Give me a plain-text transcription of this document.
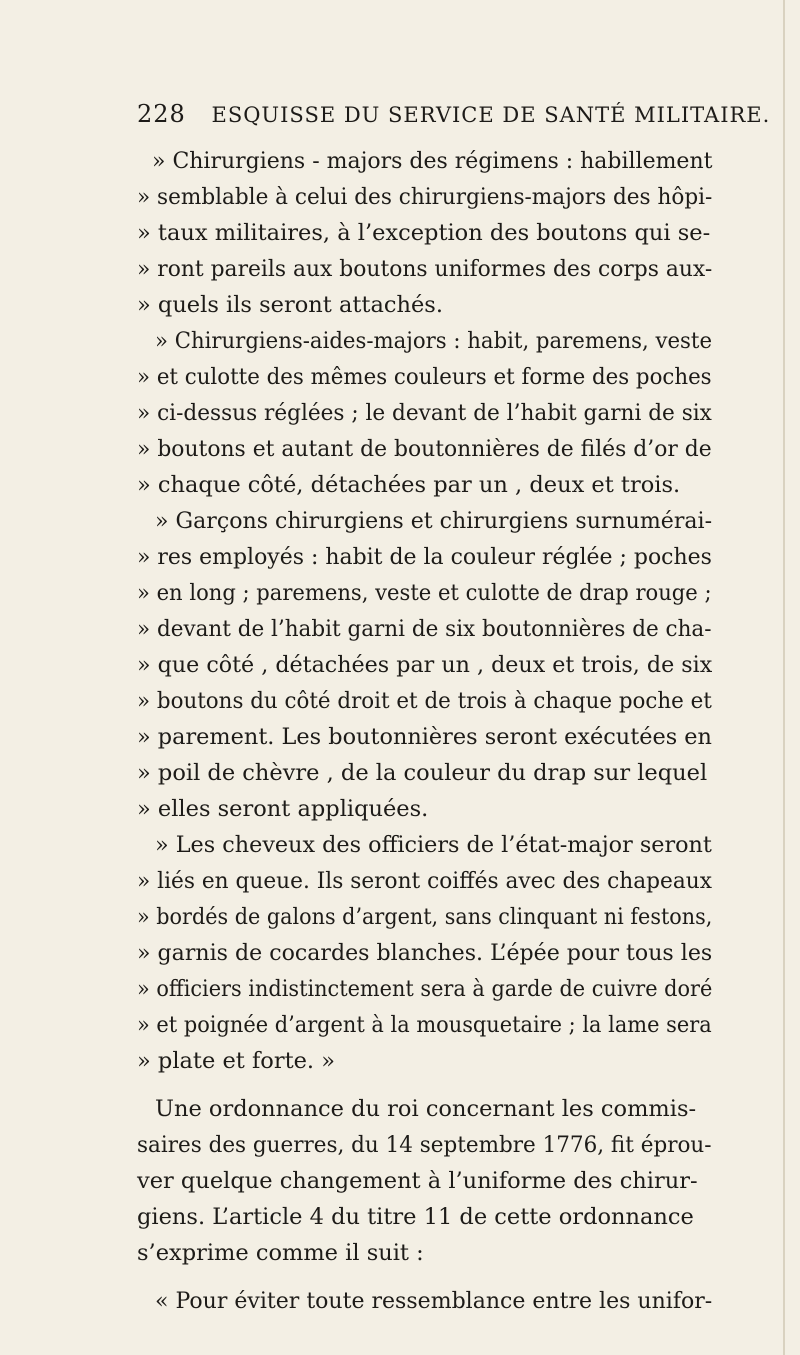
228 ESQUISSE DU SERVICE DE SANTÉ MILITAIRE.
» Chirurgiens - majors des régimens : habillement
» semblable à celui des chirurgiens-majors des hôpi-
» taux militaires, à l’exception des boutons qui se-
» ront pareils aux boutons uniformes des corps aux-
» quels ils seront attachés.
» Chirurgiens-aides-majors : habit, paremens, veste
» et culotte des mêmes couleurs et forme des poches
» ci-dessus réglées ; le devant de l’habit garni de six
» boutons et autant de boutonnières de filés d’or de
» chaque côté, détachées par un , deux et trois.
» Garçons chirurgiens et chirurgiens surnuméraі-
» res employés : habit de la couleur réglée ; poches
» en long ; paremens, veste et culotte de drap rouge ;
» devant de l’habit garni de six boutonnières de cha-
» que côté , détachées par un , deux et trois, de six
» boutons du côté droit et de trois à chaque poche et
» parement. Les boutonnières seront exécutées en
» poil de chèvre , de la couleur du drap sur lequel
» elles seront appliquées.
» Les cheveux des officiers de l’état-major seront
» liés en queue. Ils seront coiffés avec des chapeaux
» bordés de galons d’argent, sans clinquant ni festons,
» garnis de cocardes blanches. L’épée pour tous les
» officiers indistinctement sera à garde de cuivre doré
» et poignée d’argent à la mousquetaire ; la lame sera
» plate et forte. »
Une ordonnance du roi concernant les commis-
saires des guerres, du 14 septembre 1776, fit éprou-
ver quelque changement à l’uniforme des chirur-
giens. L’article 4 du titre 11 de cette ordonnance
s’exprime comme il suit :
« Pour éviter toute ressemblance entre les unifor-
